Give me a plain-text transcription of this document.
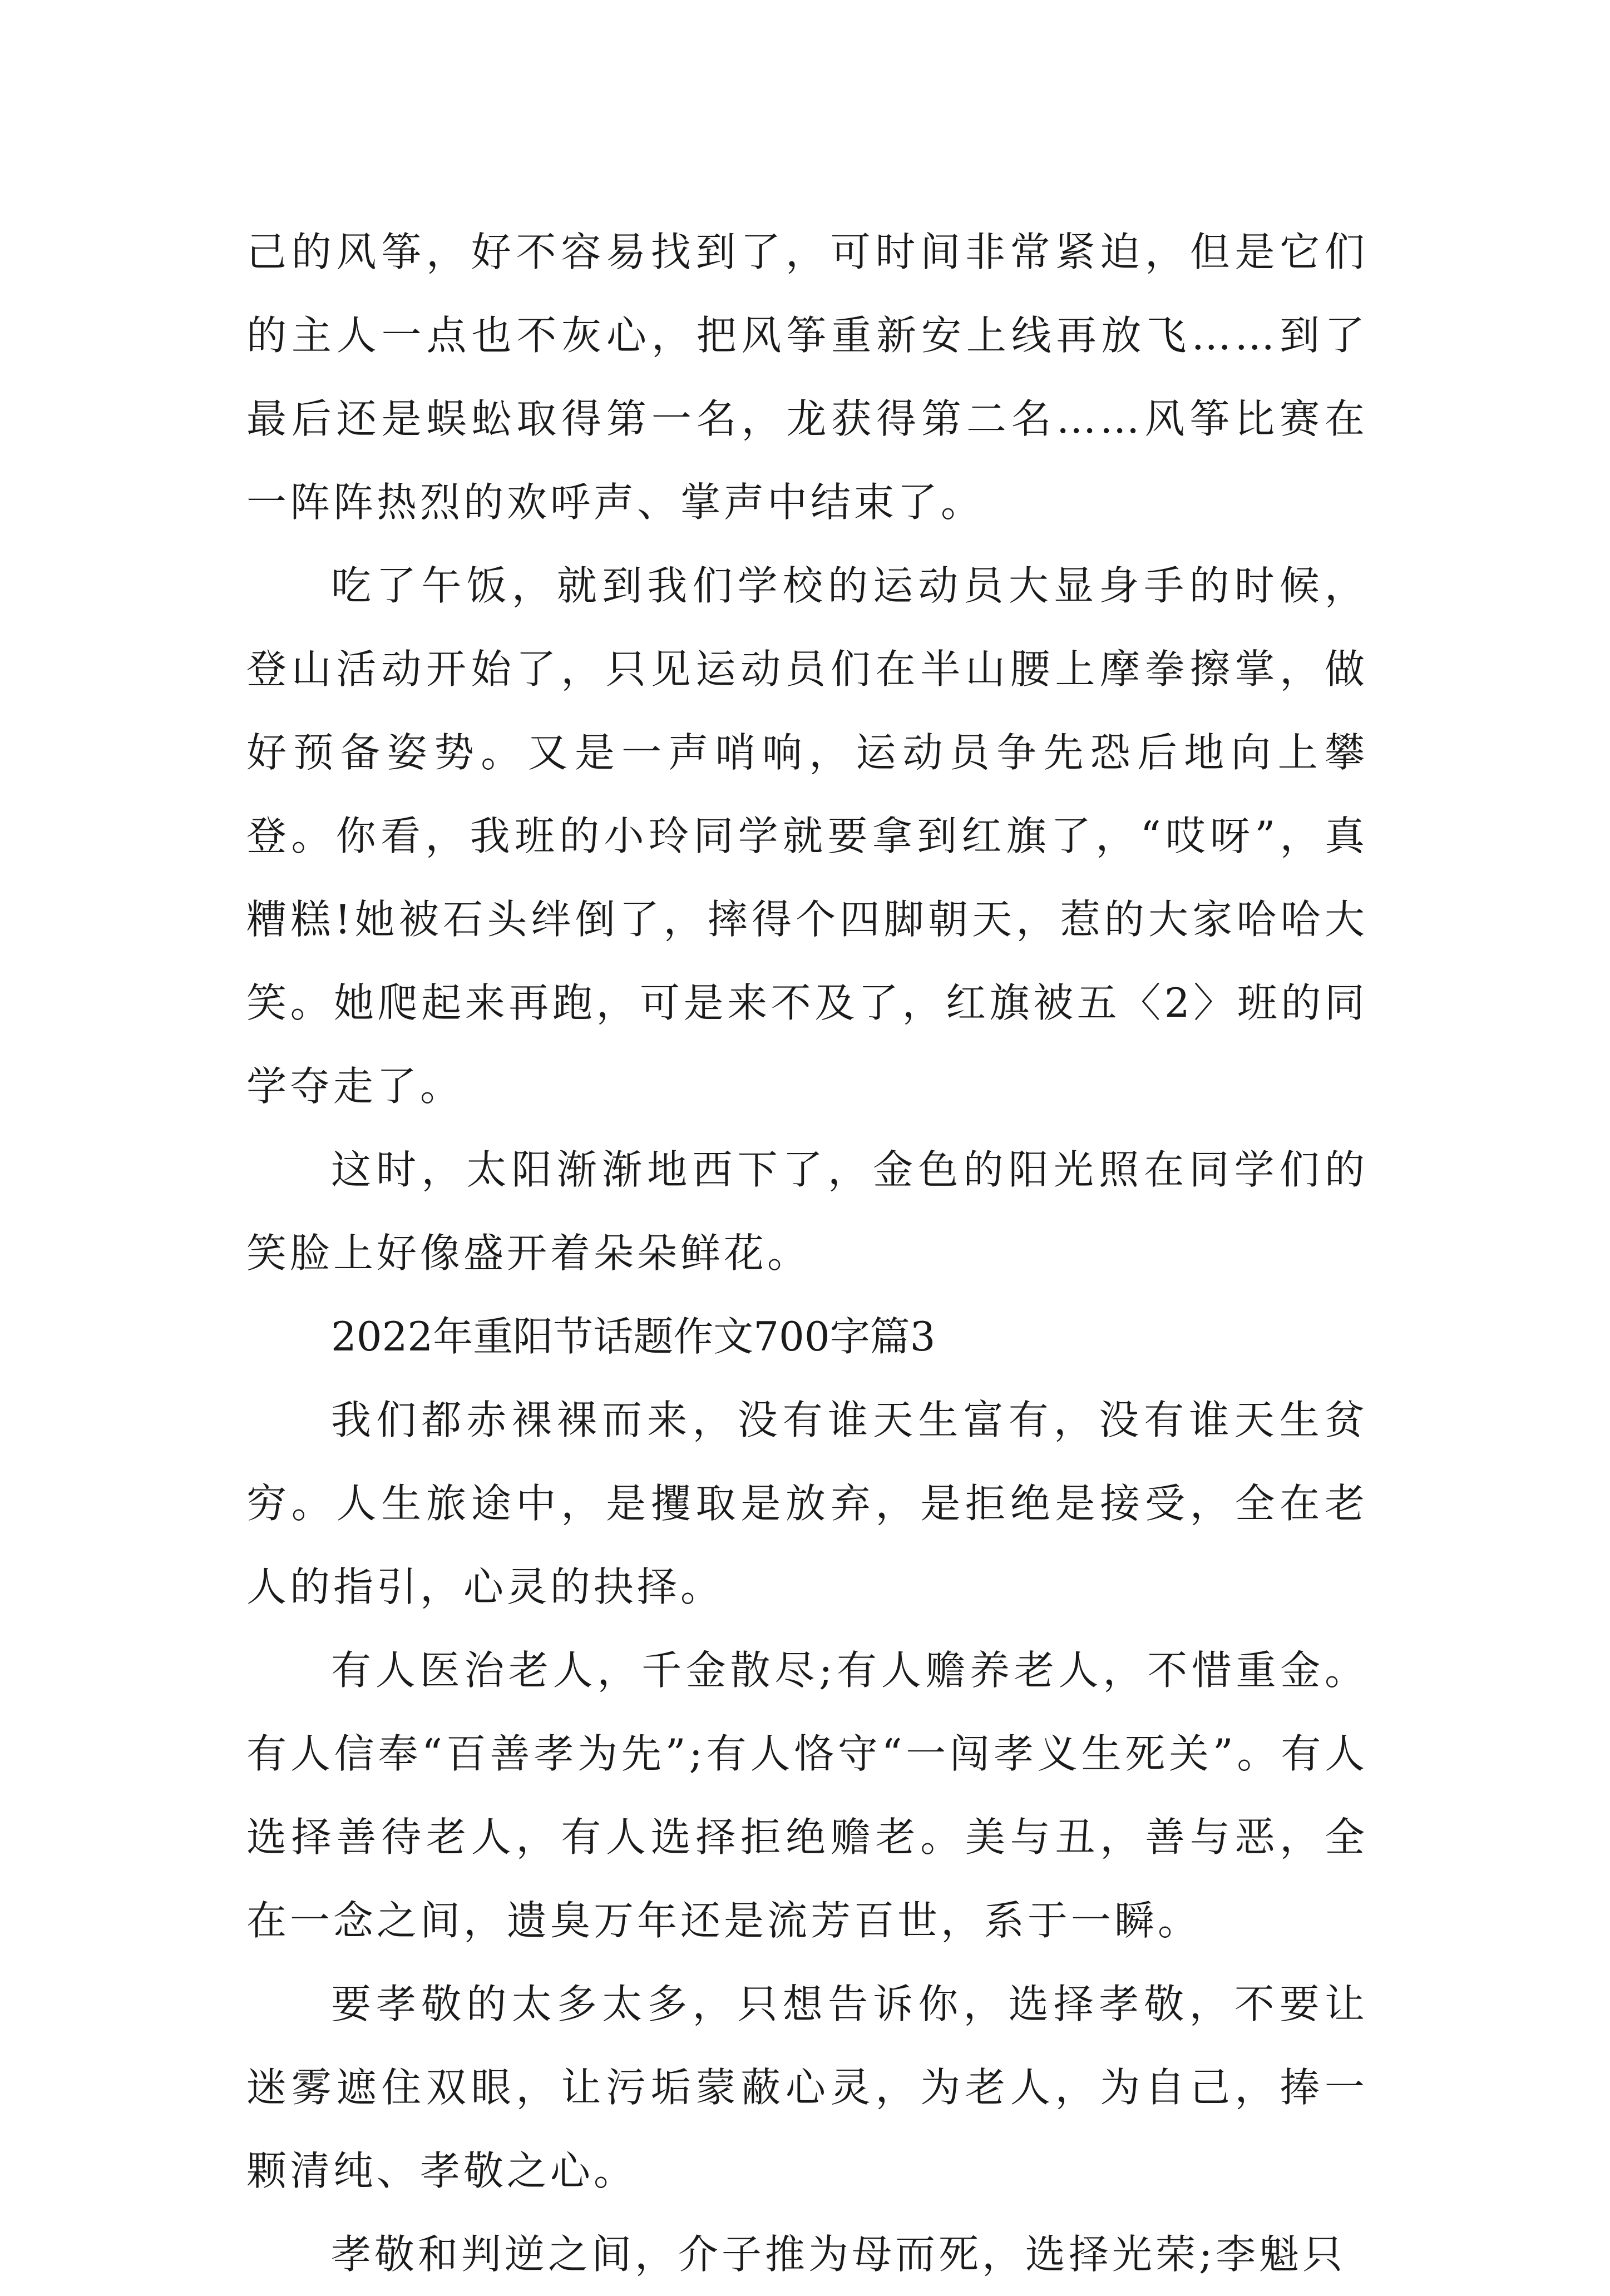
己的风筝，好不容易找到了，可时间非常紧迫，但是它们的主人一点也不灰心，把风筝重新安上线再放飞……到了最后还是蜈蚣取得第一名，龙获得第二名……风筝比赛在一阵阵热烈的欢呼声、掌声中结束了。

吃了午饭，就到我们学校的运动员大显身手的时候，登山活动开始了，只见运动员们在半山腰上摩拳擦掌，做好预备姿势。又是一声哨响，运动员争先恐后地向上攀登。你看，我班的小玲同学就要拿到红旗了，“哎呀”，真糟糕!她被石头绊倒了，摔得个四脚朝天，惹的大家哈哈大笑。她爬起来再跑，可是来不及了，红旗被五〈2〉班的同学夺走了。

这时，太阳渐渐地西下了，金色的阳光照在同学们的笑脸上好像盛开着朵朵鲜花。

2022年重阳节话题作文700字篇3

我们都赤裸裸而来，没有谁天生富有，没有谁天生贫穷。人生旅途中，是攫取是放弃，是拒绝是接受，全在老人的指引，心灵的抉择。

有人医治老人，千金散尽;有人赡养老人，不惜重金。有人信奉“百善孝为先”;有人恪守“一闯孝义生死关”。有人选择善待老人，有人选择拒绝赡老。美与丑，善与恶，全在一念之间，遗臭万年还是流芳百世，系于一瞬。

要孝敬的太多太多，只想告诉你，选择孝敬，不要让迷雾遮住双眼，让污垢蒙蔽心灵，为老人，为自己，捧一颗清纯、孝敬之心。

孝敬和判逆之间，介子推为母而死，选择光荣;李魁只
